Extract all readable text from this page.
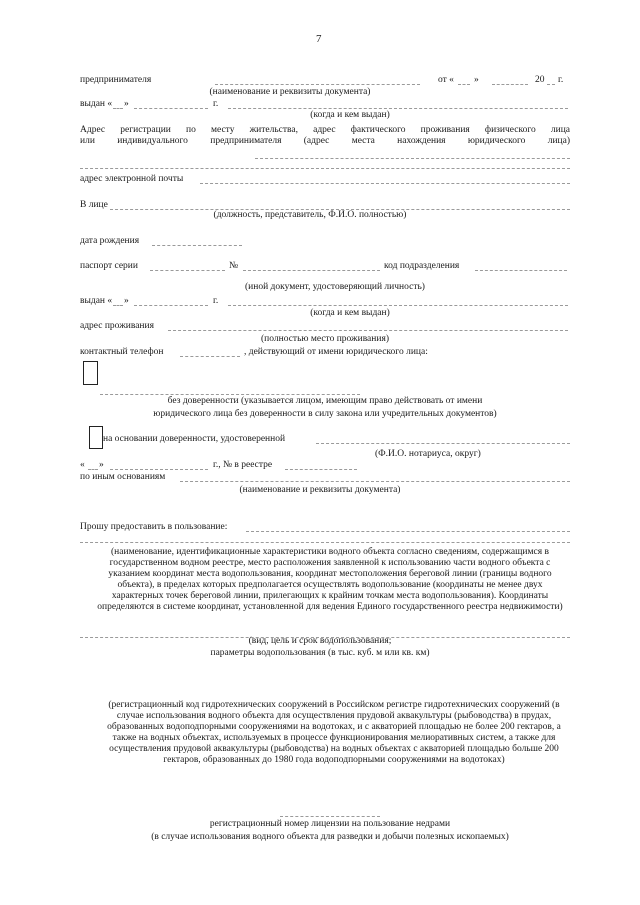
7
предпринимателя	от « »	20 г.
(наименование и реквизиты документа)
выдан « »	г.
(когда и кем выдан)
Адрес регистрации по месту жительства, адрес фактического проживания физического лица
или индивидуального предпринимателя (адрес места нахождения юридического лица)
адрес электронной почты
В лице
(должность, представитель, Ф.И.О. полностью)
дата рождения
паспорт серии	№	код подразделения
(иной документ, удостоверяющий личность)
выдан « »	г.
(когда и кем выдан)
адрес проживания
(полностью место проживания)
контактный телефон	, действующий от имени юридического лица:
без доверенности (указывается лицом, имеющим право действовать от имени
юридического лица без доверенности в силу закона или учредительных документов)
на основании доверенности, удостоверенной
(Ф.И.О. нотариуса, округ)
« »	г., № в реестре
по иным основаниям
(наименование и реквизиты документа)
Прошу предоставить в пользование:
(наименование, идентификационные характеристики водного объекта согласно сведениям, содержащимся в государственном водном реестре, место расположения заявленной к использованию части водного объекта с указанием координат места водопользования, координат местоположения береговой линии (границы водного объекта), в пределах которых предполагается осуществлять водопользование (координаты не менее двух характерных точек береговой линии, прилегающих к крайним точкам места водопользования). Координаты определяются в системе координат, установленной для ведения Единого государственного реестра недвижимости)
(вид, цель и срок водопользования;
параметры водопользования (в тыс. куб. м или кв. км)
(регистрационный код гидротехнических сооружений в Российском регистре гидротехнических сооружений (в случае использования водного объекта для осуществления прудовой аквакультуры (рыбоводства) в прудах, образованных водоподпорными сооружениями на водотоках, и с акваторией площадью не более 200 гектаров, а также на водных объектах, используемых в процессе функционирования мелиоративных систем, а также для осуществления прудовой аквакультуры (рыбоводства) на водных объектах с акваторией площадью больше 200 гектаров, образованных до 1980 года водоподпорными сооружениями на водотоках)
регистрационный номер лицензии на пользование недрами
(в случае использования водного объекта для разведки и добычи полезных ископаемых)
